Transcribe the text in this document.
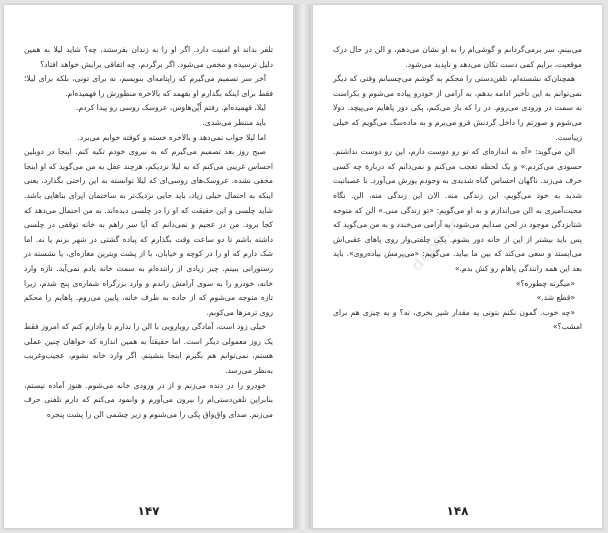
تلفر بداند او امنیت دارد. اگر او را به زندان بفرستند، چه؟ شاید لیلا به همین دلیل ترسیده و مخفی می‌شود. اگر برگردم، چه اتفاقی برایش خواهد افتاد؟

آخر سر تصمیم می‌گیرم که راپتامه‌ای بنویسم، نه برای تونی، بلکه برای لیلا؛ فقط برای اینکه بگذارم او بفهمد که بالاخره منظورش را فهمیده‌ام.

لیلا، فهمیده‌ام. رفتم اُپِّن‌هاوس، عروسک روسی رو پیدا کردم.

باید منتظر می‌شدی.

اما لیلا جواب نمی‌دهد و بالاخره خسته و کوفته خوابم می‌برد.

صبح روز بعد تصمیم می‌گیرم که به نیروی خودم تکیه کنم. اینجا در دوبلین احساس غریبی می‌کنم که به لیلا نزدیکم، هرچند عقل به من می‌گوید که او اینجا مخفی نشده. عروسک‌های روسی‌ای که لیلا توانسته به این راحتی بگذارد، یعنی اینکه به احتمال خیلی زیاد، باید جایی نزدیک‌تر به ساختمان اپرای بناهایی باشد. شاید چلسی و این حقیقت که او را در چلسی دیده‌اند. به من احتمال می‌دهد که کجا برود. من در عجیم و نمی‌دانم که آیا سر راهم به خانه توقفی در چلسی داشته باشم تا دو ساعت وقت بگذارم که پیاده گشتی در شهر بزنم یا نه. اما شک دارم که او را در کوچه و خیابان، با از پشت ویترین مغازه‌ای، یا نشسته در رستورانی ببینم. چیز زیادی از راننده‌ام به سمت خانه یادم نمی‌آید. تازه وارد خانه، خودرو را به سوی آرامش راندم و وارد بزرگراه شماره‌ی پنج شدم، زیرا تازه متوجه می‌شوم که از جاده به طرف خانه، پایین می‌روم. پاهایم را محکم روی ترمزها می‌کوبم.

خیلی زود است، آمادگی رویارویی با الن را ندارم تا وادارم کنم که امروز فقط یک روز معمولی دیگر است. اما حقیقتاً به همین اندازه که خواهان چنین عملی هستم، نمی‌توانم هم بگیرم اینجا بنشینم. اگر وارد خانه نشوم، عجیب‌وغریب به‌نظر می‌رسد.

خودرو را در دنده می‌زنم و از در ورودی خانه می‌شوم. هنوز آماده نیستم، بنابراین تلفن‌دستی‌ام را بیرون می‌آورم و وانمود می‌کنم که دارم تلفنی حرف می‌زنم. صدای واق‌واق پکی را می‌شنوم و زیر چشمی الن را پشت پنجره

۱۴۷
dooh.ir

می‌بینم. سر برمی‌گردانم و گوشی‌ام را به او نشان می‌دهم، و الن در حال درک موقعیت، برایم کمی دست تکان می‌دهد و ناپدید می‌شود.

همچنان‌که نشسته‌ام، تلفن‌دستی را محکم به گوشم می‌چسبانم وقتی که دیگر نمی‌توانم به این تأخیر ادامه بدهم، به آرامی از خودرو پیاده می‌شوم و بکراست به سمت در ورودی می‌روم. در را که باز می‌کنم، پکی دور پاهایم می‌پیچد. دولا می‌شوم و صورتم را داخل گردنش فرو می‌برم و به ماده‌سگ می‌گویم که خیلی زیباست.

الن می‌گوید: «آه به اندازه‌ای که تو رو دوست دارم، این رو دوست نداشتم. حسودی می‌کردم.» و یک لحظه تعجب می‌کنم و نمی‌دانم که دربارهٔ چه کسی حرف می‌زند. ناگهان احساس گناه شدیدی به وجودم یورش می‌آورد. با عصبانیت شدید به خود می‌گویم، این زندگی منه. الان این زندگی منه، الن. نگاه محبت‌آمیزی به الن می‌اندازم و به او می‌گویم: «تو زندگی منی.» الن که متوجه شتابزدگی موجود در لحن صدایم می‌شود، به آرامی می‌خندد و به من می‌گوید که پس باید بیشتر از این از خانه دور بشوم. پکی چلفتی‌وار روی پاهای عقبی‌اش می‌ایستد و سعی می‌کند که بین ما بیاید. می‌گویم: «می‌پرمش بیاده‌روی». باید بعد این همه رانندگی پاهام رو کش بدم.»

«میگرنه چطوره؟»

«قطع شد.»

«چه خوب. گمون نکنم بتونی یه مقدار شیر بخری، نه؟ و یه چیزی هم برای امشب؟»

۱۴۸
